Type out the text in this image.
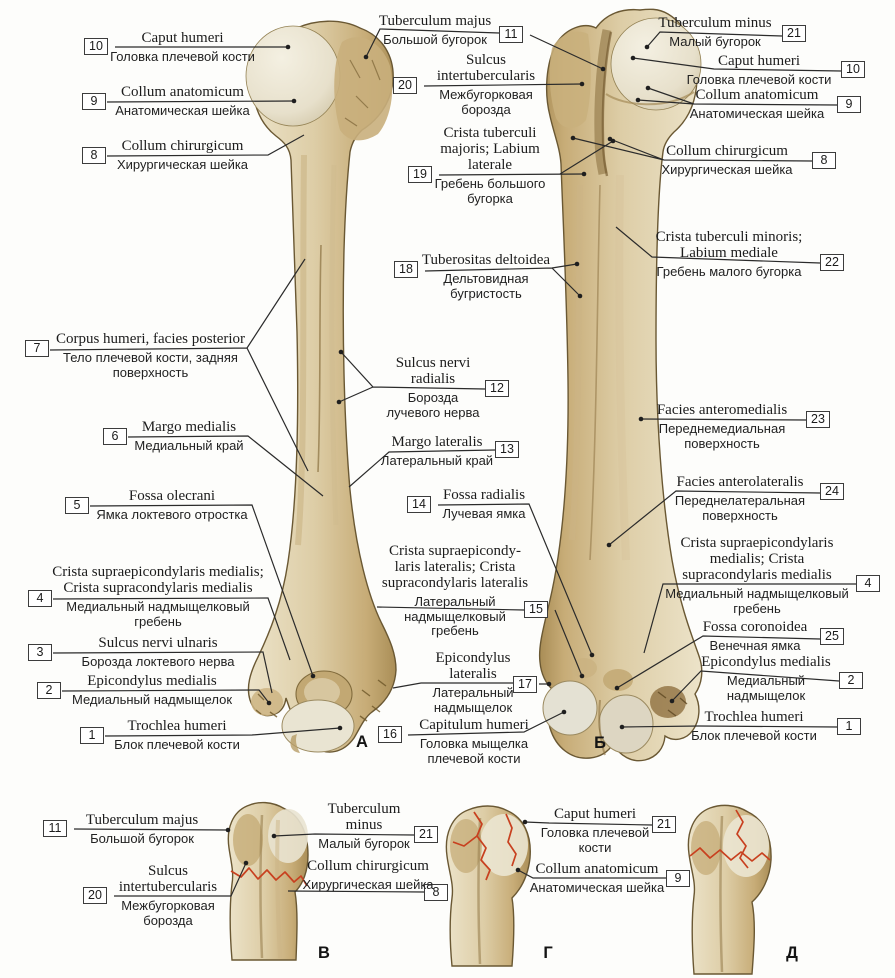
10	Caput humeri
Головка плечевой кости
9
Collum anatomicum
Анатомическая шейка
8
Collum chirurgicum
Хирургическая шейка
7
Corpus humeri, facies posterior
Тело плечевой кости, задняя поверхность
6
Margo medialis
Медиальный край
5
Fossa olecrani
Ямка локтевого отростка
4
Crista supraepicondylaris medialis; Crista supracondylaris medialis
Медиальный надмыщелковый гребень
3
Sulcus nervi ulnaris
Борозда локтевого нерва
2
Epicondylus medialis
Медиальный надмыщелок
1
Trochlea humeri
Блок плечевой кости
11
Tuberculum majus
Большой бугорок
20
Sulcus intertubercularis
Межбугорковая борозда
19
Crista tuberculi majoris; Labium laterale
Гребень большого бугорка
18
Tuberositas deltoidea
Дельтовидная бугристость
12
Sulcus nervi radialis
Борозда лучевого нерва
13
Margo lateralis
Латеральный край
14
Fossa radialis
Лучевая ямка
15
Crista supraepicondylaris lateralis; Crista supracondylaris lateralis
Латеральный надмыщелковый гребень
17
Epicondylus lateralis
Латеральный надмыщелок
16
Capitulum humeri
Головка мыщелка плечевой кости
21
Tuberculum minus
Малый бугорок
10
Caput humeri
Головка плечевой кости
9
Collum anatomicum
Анатомическая шейка
8
Collum chirurgicum
Хирургическая шейка
22
Crista tuberculi minoris; Labium mediale
Гребень малого бугорка
23
Facies anteromedialis
Переднемедиальная поверхность
24
Facies anterolateralis
Переднелатеральная поверхность
4
Crista supraepicondylaris medialis; Crista supracondylaris medialis
Медиальный надмыщелковый гребень
25
Fossa coronoidea
Венечная ямка
2
Epicondylus medialis
Медиальный надмыщелок
1
Trochlea humeri
Блок плечевой кости
11	Tuberculum majus
Большой бугорок
20
Sulcus intertubercularis
Межбугорковая борозда
21
Tuberculum minus
Малый бугорок
8
Collum chirurgicum
Хирургическая шейка
21
Caput humeri
Головка плечевой кости
9
Collum anatomicum
Анатомическая шейка
А	Б
В	Г	Д
